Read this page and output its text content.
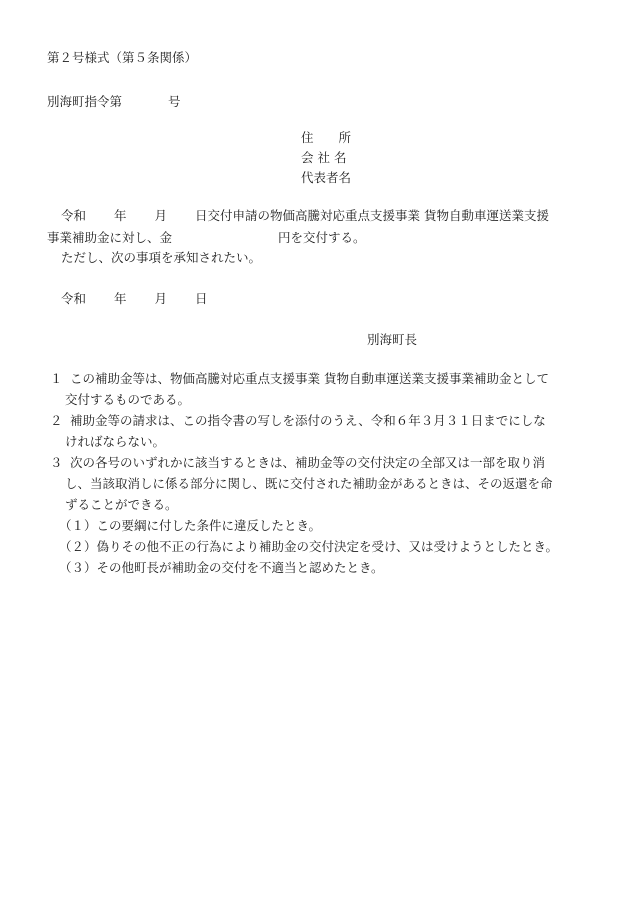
第２号様式（第５条関係）
別海町指令第	号
住　　所
会 社 名
代表者名
令和 年 月 日交付申請の物価高騰対応重点支援事業 貨物自動車運送業支援
事業補助金に対し、金	円を交付する。
ただし、次の事項を承知されたい。
令和 年 月 日
別海町長
１ この補助金等は、物価高騰対応重点支援事業 貨物自動車運送業支援事業補助金として
交付するものである。
２ 補助金等の請求は、この指令書の写しを添付のうえ、令和６年３月３１日までにしな
ければならない。
３ 次の各号のいずれかに該当するときは、補助金等の交付決定の全部又は一部を取り消
し、当該取消しに係る部分に関し、既に交付された補助金があるときは、その返還を命
ずることができる。
（１）この要綱に付した条件に違反したとき。
（２）偽りその他不正の行為により補助金の交付決定を受け、又は受けようとしたとき。
（３）その他町長が補助金の交付を不適当と認めたとき。
